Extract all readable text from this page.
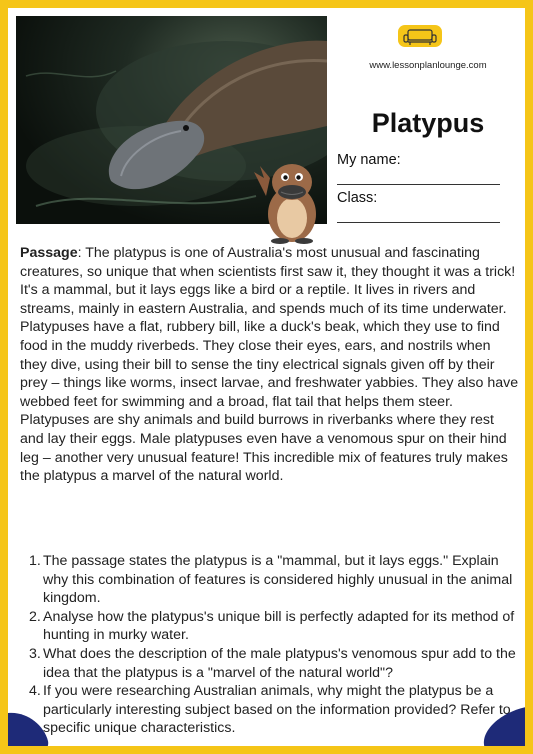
www.lessonplanlounge.com
Platypus
My name:
Class:

Passage: The platypus is one of Australia's most unusual and fascinating creatures, so unique that when scientists first saw it, they thought it was a trick! It's a mammal, but it lays eggs like a bird or a reptile. It lives in rivers and streams, mainly in eastern Australia, and spends much of its time underwater.

Platypuses have a flat, rubbery bill, like a duck's beak, which they use to find food in the muddy riverbeds. They close their eyes, ears, and nostrils when they dive, using their bill to sense the tiny electrical signals given off by their prey – things like worms, insect larvae, and freshwater yabbies. They also have webbed feet for swimming and a broad, flat tail that helps them steer. Platypuses are shy animals and build burrows in riverbanks where they rest and lay their eggs. Male platypuses even have a venomous spur on their hind leg – another very unusual feature! This incredible mix of features truly makes the platypus a marvel of the natural world.

1. The passage states the platypus is a "mammal, but it lays eggs." Explain why this combination of features is considered highly unusual in the animal kingdom.
2. Analyse how the platypus's unique bill is perfectly adapted for its method of hunting in murky water.
3. What does the description of the male platypus's venomous spur add to the idea that the platypus is a "marvel of the natural world"?
4. If you were researching Australian animals, why might the platypus be a particularly interesting subject based on the information provided? Refer to specific unique characteristics.
